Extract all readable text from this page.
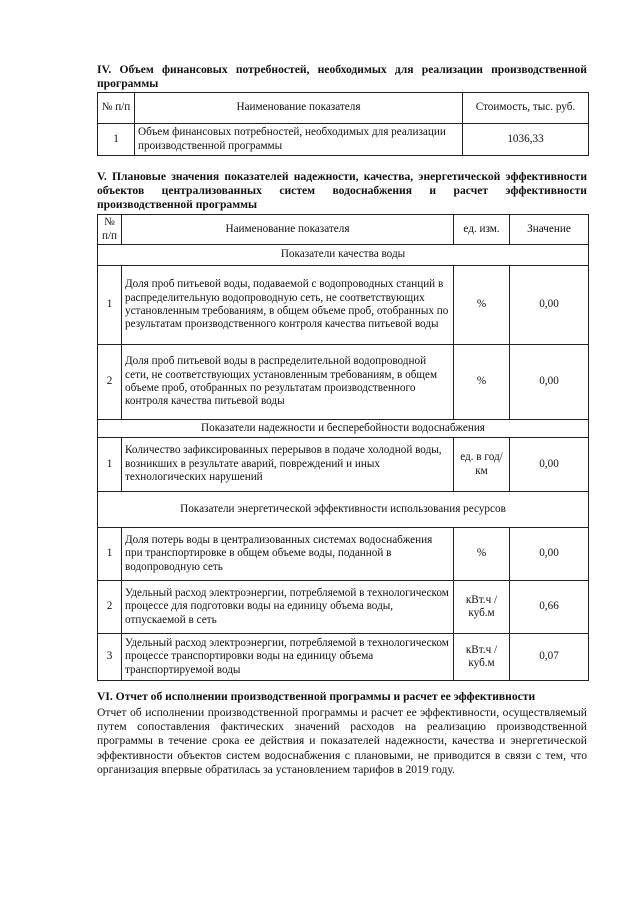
IV. Объем финансовых потребностей, необходимых для реализации производственной программы

№ п/п	Наименование показателя	Стоимость, тыс. руб.
1	Объем финансовых потребностей, необходимых для реализации производственной программы	1036,33

V. Плановые значения показателей надежности, качества, энергетической эффективности объектов централизованных систем водоснабжения и расчет эффективности производственной программы

№ п/п	Наименование показателя	ед. изм.	Значение
Показатели качества воды			
1	Доля проб питьевой воды, подаваемой с водопроводных станций в распределительную водопроводную сеть, не соответствующих установленным требованиям, в общем объеме проб, отобранных по результатам производственного контроля качества питьевой воды	%	0,00
2	Доля проб питьевой воды в распределительной водопроводной сети, не соответствующих установленным требованиям, в общем объеме проб, отобранных по результатам производственного контроля качества питьевой воды	%	0,00
Показатели надежности и бесперебойности водоснабжения			
1	Количество зафиксированных перерывов в подаче холодной воды, возникших в результате аварий, повреждений и иных технологических нарушений	ед. в год/ км	0,00
Показатели энергетической эффективности использования ресурсов			
1	Доля потерь воды в централизованных системах водоснабжения при транспортировке в общем объеме воды, поданной в водопроводную сеть	%	0,00
2	Удельный расход электроэнергии, потребляемой в технологическом процессе для подготовки воды на единицу объема воды, отпускаемой в сеть	кВт.ч / куб.м	0,66
3	Удельный расход электроэнергии, потребляемой в технологическом процессе транспортировки воды на единицу объема транспортируемой воды	кВт.ч / куб.м	0,07

VI. Отчет об исполнении производственной программы и расчет ее эффективности

Отчет об исполнении производственной программы и расчет ее эффективности, осуществляемый путем сопоставления фактических значений расходов на реализацию производственной программы в течение срока ее действия и показателей надежности, качества и энергетической эффективности объектов систем водоснабжения с плановыми, не приводится в связи с тем, что организация впервые обратилась за установлением тарифов в 2019 году.
